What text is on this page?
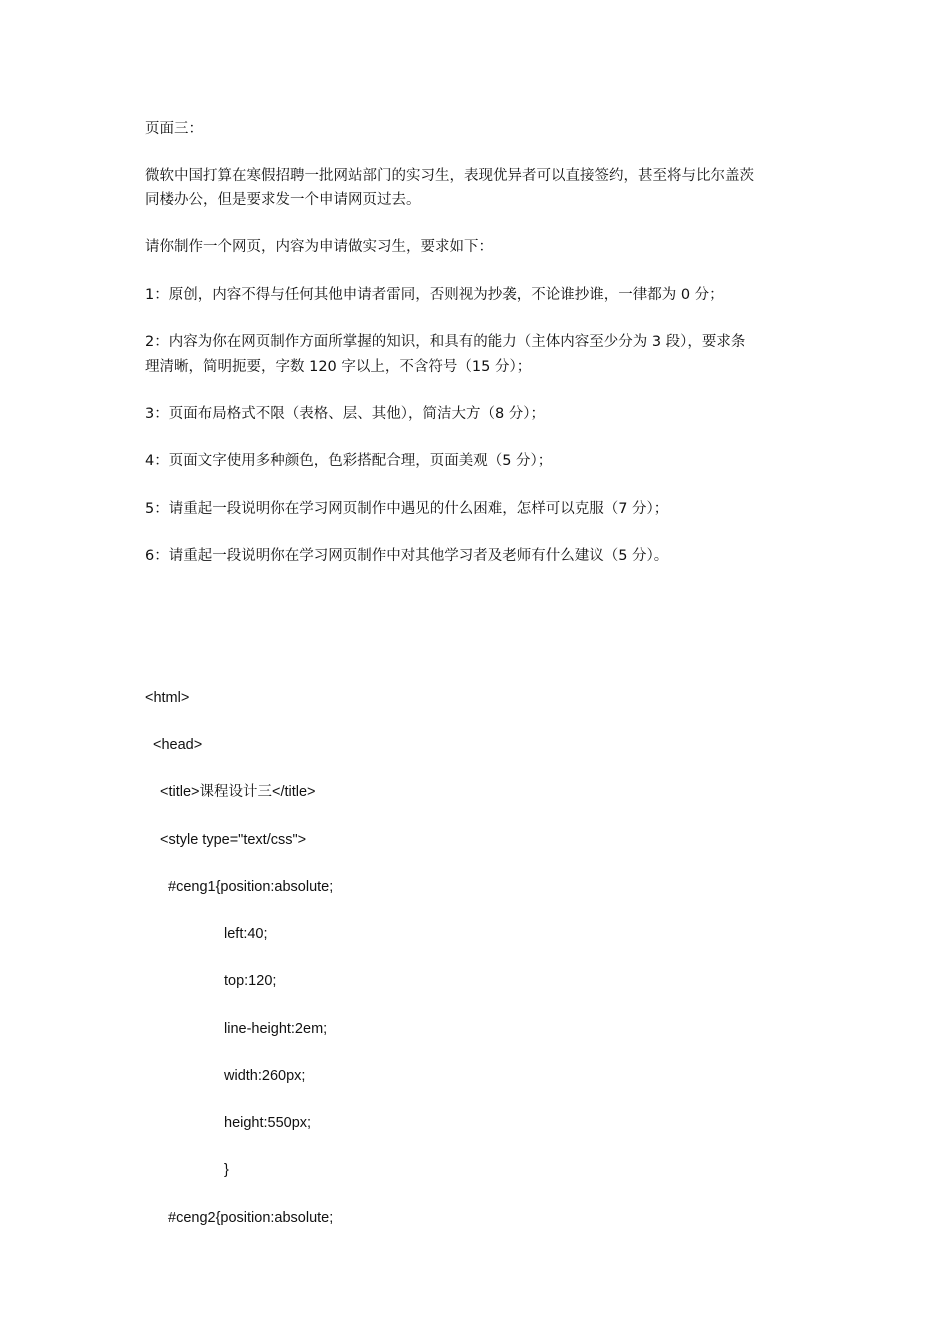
页面三：

微软中国打算在寒假招聘一批网站部门的实习生，表现优异者可以直接签约，甚至将与比尔盖茨

同楼办公，但是要求发一个申请网页过去。

请你制作一个网页，内容为申请做实习生，要求如下：

1：原创，内容不得与任何其他申请者雷同，否则视为抄袭，不论谁抄谁，一律都为 0 分；

2：内容为你在网页制作方面所掌握的知识，和具有的能力（主体内容至少分为 3 段），要求条

理清晰，简明扼要，字数 120 字以上，不含符号（15 分）；

3：页面布局格式不限（表格、层、其他），简洁大方（8 分）；

4：页面文字使用多种颜色，色彩搭配合理，页面美观（5 分）；

5：请重起一段说明你在学习网页制作中遇见的什么困难，怎样可以克服（7 分）；

6：请重起一段说明你在学习网页制作中对其他学习者及老师有什么建议（5 分）。

<html>

<head>

<title>课程设计三</title>

<style type="text/css">

#ceng1{position:absolute;

left:40;

top:120;

line-height:2em;

width:260px;

height:550px;

}

#ceng2{position:absolute;
